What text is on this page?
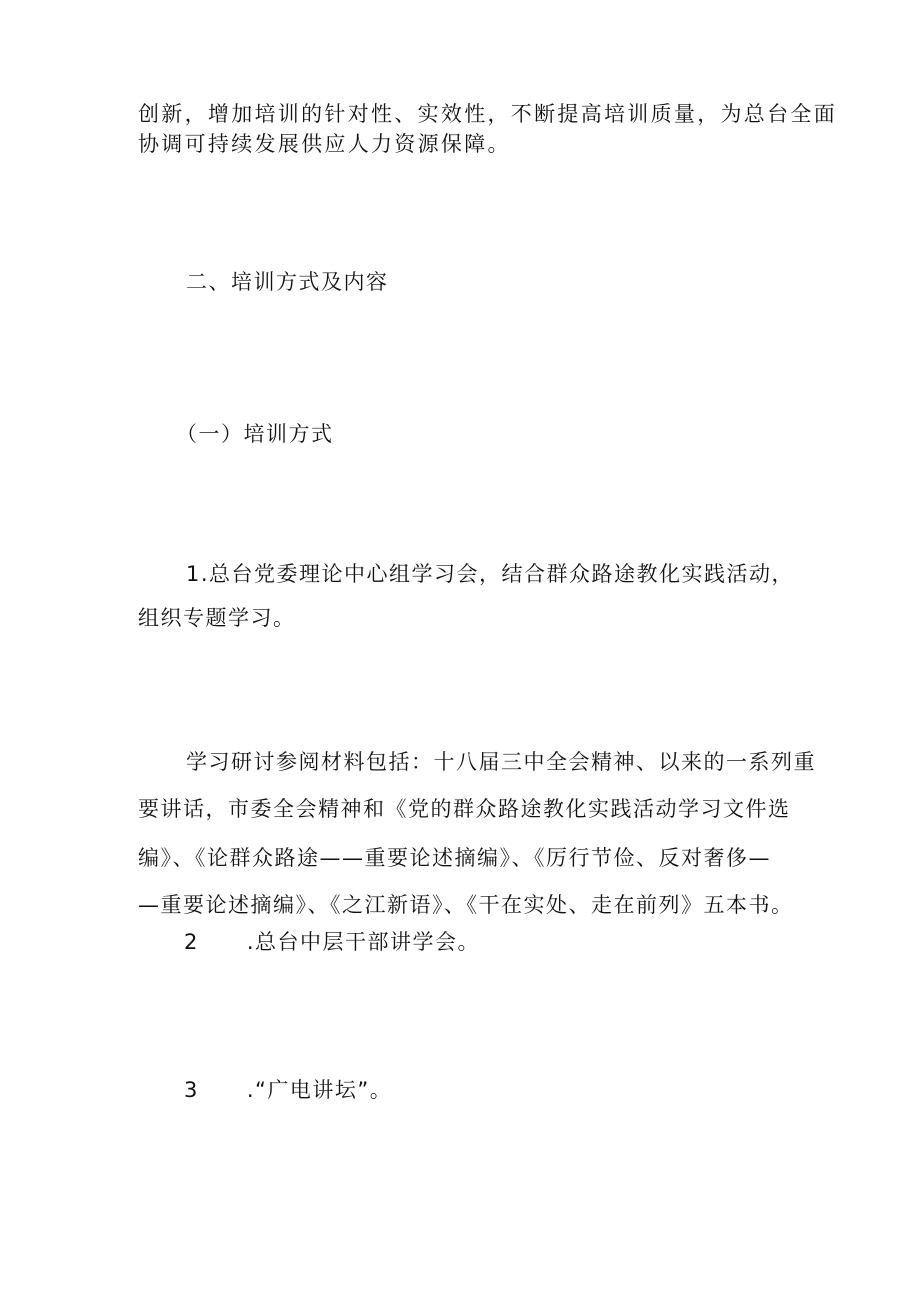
创新，增加培训的针对性、实效性，不断提高培训质量，为总台全面
协调可持续发展供应人力资源保障。
二、培训方式及内容
（一）培训方式
1.总台党委理论中心组学习会，结合群众路途教化实践活动，
组织专题学习。
学习研讨参阅材料包括：十八届三中全会精神、以来的一系列重
要讲话，市委全会精神和《党的群众路途教化实践活动学习文件选
编》、《论群众路途——重要论述摘编》、《厉行节俭、反对奢侈—
—重要论述摘编》、《之江新语》、《干在实处、走在前列》五本书。
2 .总台中层干部讲学会。
3 .“广电讲坛”。
